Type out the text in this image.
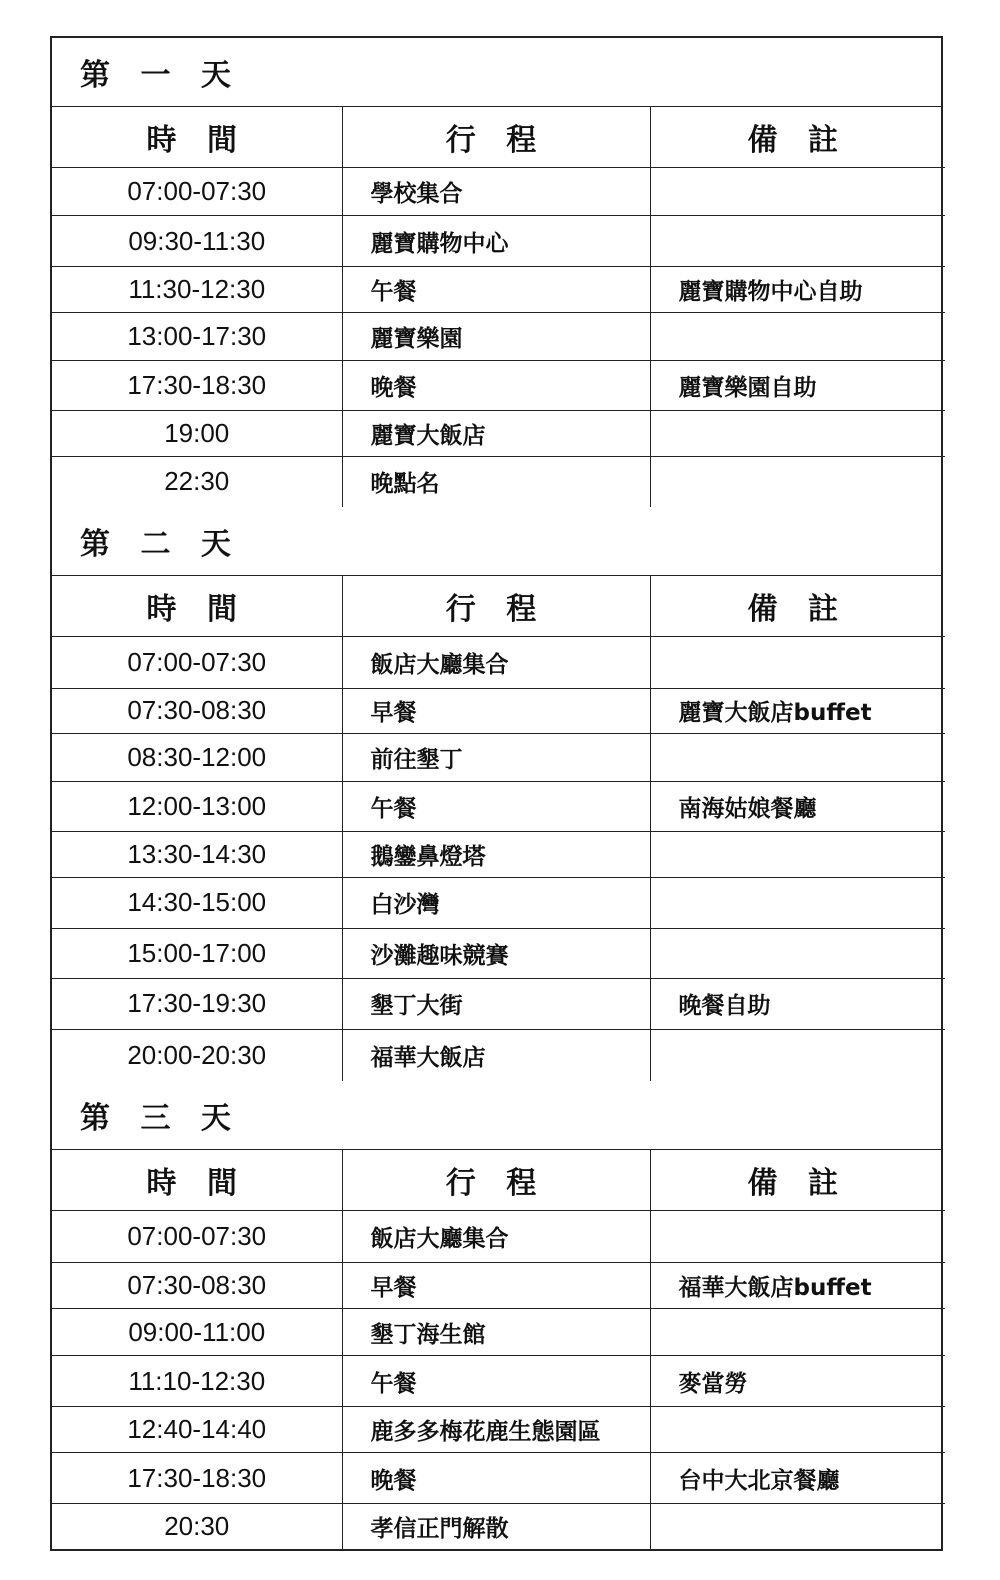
第 一 天
時 間	行 程	備 註
07:00-07:30	學校集合	
09:30-11:30	麗寶購物中心	
11:30-12:30	午餐	麗寶購物中心自助
13:00-17:30	麗寶樂園	
17:30-18:30	晚餐	麗寶樂園自助
19:00	麗寶大飯店	
22:30	晚點名	
第 二 天
時 間	行 程	備 註
07:00-07:30	飯店大廳集合	
07:30-08:30	早餐	麗寶大飯店buffet
08:30-12:00	前往墾丁	
12:00-13:00	午餐	南海姑娘餐廳
13:30-14:30	鵝鑾鼻燈塔	
14:30-15:00	白沙灣	
15:00-17:00	沙灘趣味競賽	
17:30-19:30	墾丁大街	晚餐自助
20:00-20:30	福華大飯店	
第 三 天
時 間	行 程	備 註
07:00-07:30	飯店大廳集合	
07:30-08:30	早餐	福華大飯店buffet
09:00-11:00	墾丁海生館	
11:10-12:30	午餐	麥當勞
12:40-14:40	鹿多多梅花鹿生態園區	
17:30-18:30	晚餐	台中大北京餐廳
20:30	孝信正門解散	
